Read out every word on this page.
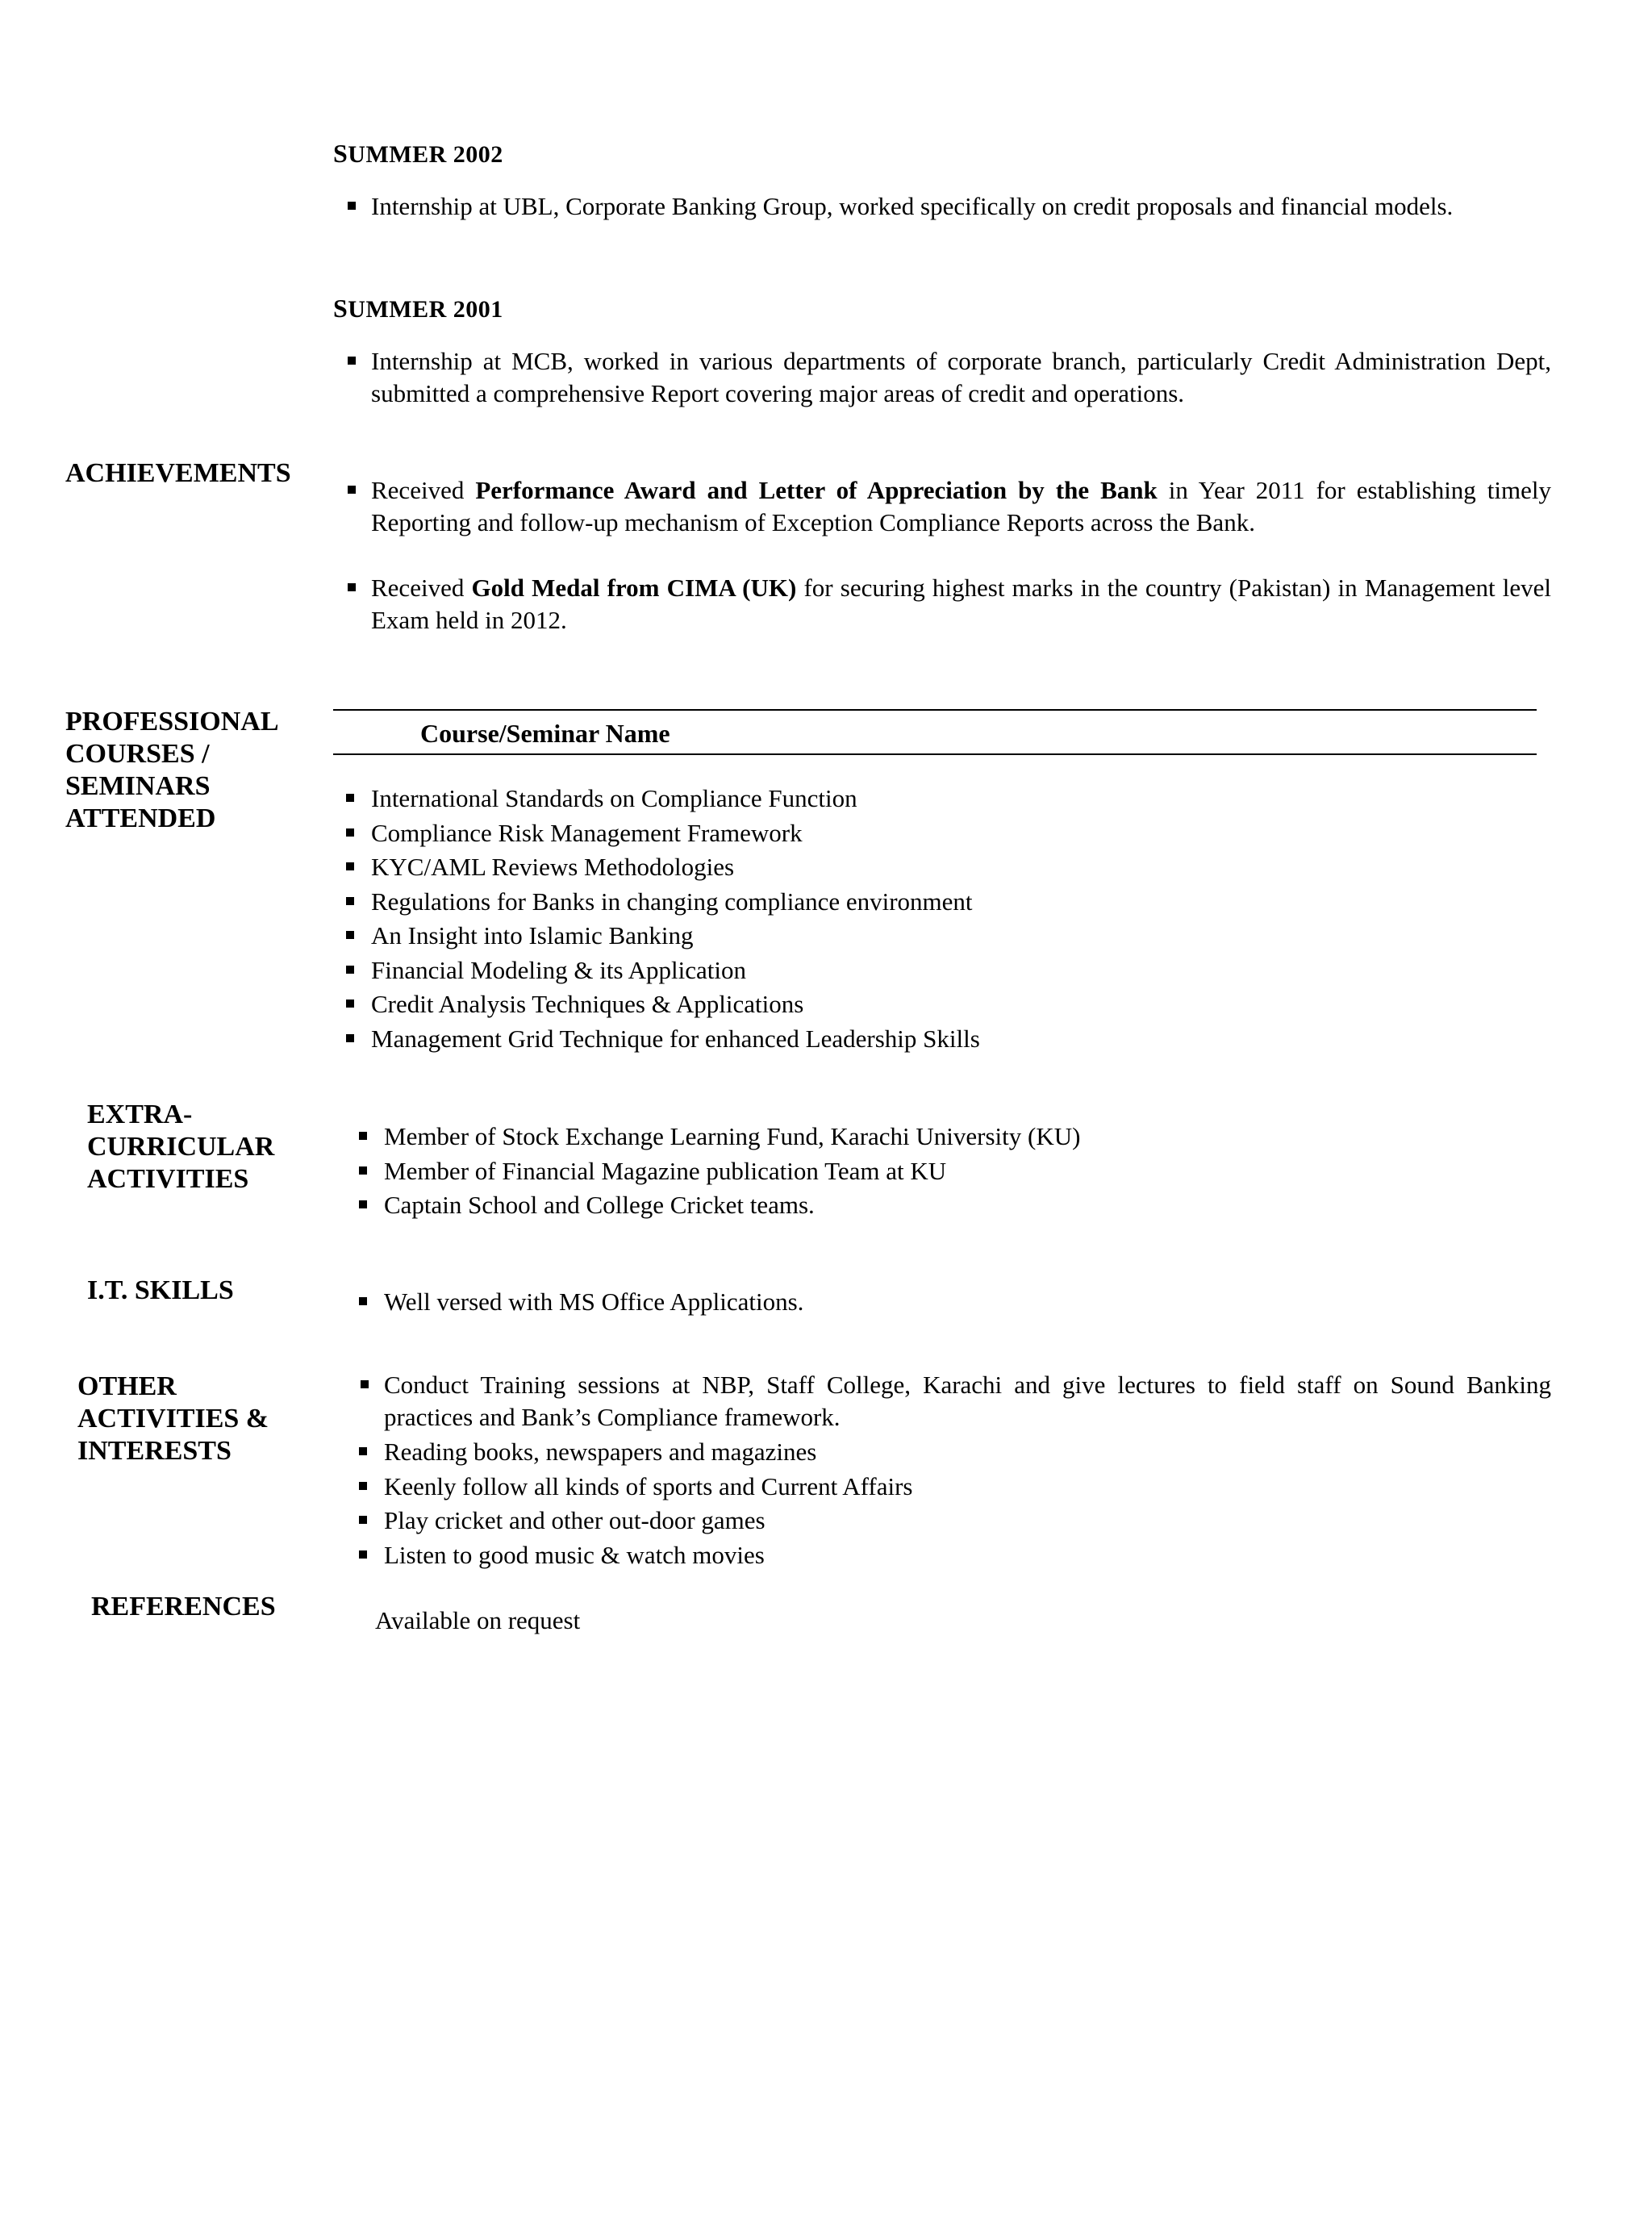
SUMMER 2002
Internship at UBL, Corporate Banking Group, worked specifically on credit proposals and financial models.
SUMMER 2001
Internship at MCB, worked in various departments of corporate branch, particularly Credit Administration Dept, submitted a comprehensive Report covering major areas of credit and operations.
ACHIEVEMENTS
Received Performance Award and Letter of Appreciation by the Bank in Year 2011 for establishing timely Reporting and follow-up mechanism of Exception Compliance Reports across the Bank.
Received Gold Medal from CIMA (UK) for securing highest marks in the country (Pakistan) in Management level Exam held in 2012.
PROFESSIONAL
COURSES /
SEMINARS
ATTENDED
Course/Seminar Name
International Standards on Compliance Function
Compliance Risk Management Framework
KYC/AML Reviews Methodologies
Regulations for Banks in changing compliance environment
An Insight into Islamic Banking
Financial Modeling & its Application
Credit Analysis Techniques & Applications
Management Grid Technique for enhanced Leadership Skills
EXTRA-
CURRICULAR
ACTIVITIES
Member of Stock Exchange Learning Fund, Karachi University (KU)
Member of Financial Magazine publication Team at KU
Captain School and College Cricket teams.
I.T. SKILLS	Well versed with MS Office Applications.
OTHER
ACTIVITIES &
INTERESTS
Conduct Training sessions at NBP, Staff College, Karachi and give lectures to field staff on Sound Banking practices and Bank’s Compliance framework.
Reading books, newspapers and magazines
Keenly follow all kinds of sports and Current Affairs
Play cricket and other out-door games
Listen to good music & watch movies
REFERENCES	Available on request
